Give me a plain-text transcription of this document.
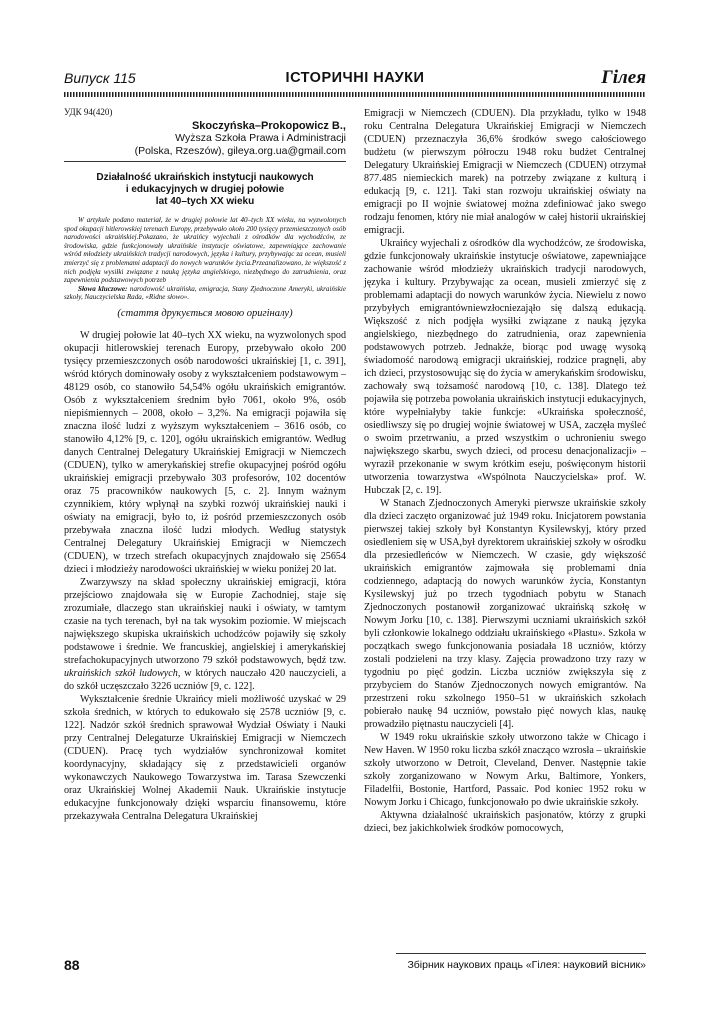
Випуск 115	ІСТОРИЧНІ НАУКИ	Гілея
УДК 94(420)
Skoczyńska–Prokopowicz B.,
Wyższa Szkoła Prawa i Administracji
(Polska, Rzeszów), gileya.org.ua@gmail.com
Działalność ukraińskich instytucji naukowych
i edukacyjnych w drugiej połowie
lat 40–tych XX wieku

W artykule podano materiał, że w drugiej połowie lat 40–tych XX wieku, na wyzwolonych spod okupacji hitlerowskiej terenach Europy, przebywało około 200 tysięcy przemieszczonych osób narodowości ukraińskiej.Pokazano, że ukraińcy wyjechali z ośrodków dla wychodźców, ze środowiska, gdzie funkcjonowały ukraińskie instytucje oświatowe, zapewniające zachowanie wśród młodzieży ukraińskich tradycji narodowych, języka i kultury, przybywając za ocean, musieli zmierzyć się z problemami adaptacji do nowych warunków życia.Przeanalizowano, że większość z nich podjęła wysiłki związane z nauką języka angielskiego, niezbędnego do zatrudnienia, oraz zapewnienia podstawowych potrzeb

Słowa kluczowe: narodowość ukraińska, emigracja, Stany Zjednoczone Ameryki, ukraińskie szkoły, Nauczycielska Rada, «Ridne słowo».

(стаття друкується мовою оригіналу)

W drugiej połowie lat 40–tych XX wieku, na wyzwolonych spod okupacji hitlerowskiej terenach Europy, przebywało około 200 tysięcy przemieszczonych osób narodowości ukraińskiej [1, c. 391], wśród których dominowały osoby z wykształceniem podstawowym – 48129 osób, co stanowiło 54,54% ogółu ukraińskich emigrantów. Osób z wykształceniem średnim było 7061, około 9%, osób niepiśmiennych – 2008, około – 3,2%. Na emigracji pojawiła się znaczna ilość ludzi z wyższym wykształceniem – 3616 osób, co stanowiło 4,12% [9, c. 120], ogółu ukraińskich emigrantów. Według danych Centralnej Delegatury Ukraińskiej Emigracji w Niemczech (CDUEN), tylko w amerykańskiej strefie okupacyjnej pośród ogółu ukraińskiej emigracji przebywało 303 profesorów, 102 docentów oraz 75 pracowników naukowych [5, c. 2]. Innym ważnym czynnikiem, który wpłynął na szybki rozwój ukraińskiej nauki i oświaty na emigracji, było to, iż pośród przemieszczonych osób przebywała znaczna ilość ludzi młodych. Według statystyk Centralnej Delegatury Ukraińskiej Emigracji w Niemczech (CDUEN), w trzech strefach okupacyjnych znajdowało się 25654 dzieci i młodzieży narodowości ukraińskiej w wieku poniżej 20 lat.

Zwarzywszy na skład społeczny ukraińskiej emigracji, która przejściowo znajdowała się w Europie Zachodniej, staje się zrozumiałe, dlaczego stan ukraińskiej nauki i oświaty, w tamtym czasie na tych terenach, był na tak wysokim poziomie. W miejscach największego skupiska ukraińskich uchodźców pojawiły się szkoły podstawowe i średnie. We francuskiej, angielskiej i amerykańskiej strefachokupacyjnych utworzono 79 szkół podstawowych, będź tzw. ukraińskich szkół ludowych, w których nauczało 420 nauczycieli, a do szkół uczęszczało 3226 uczniów [9, c. 122].

Wykształcenie średnie Ukraińcy mieli możliwość uzyskać w 29 szkoła średnich, w których to edukowało się 2578 uczniów [9, c. 122]. Nadzór szkół średnich sprawował Wydział Oświaty i Nauki przy Centralnej Delegaturze Ukraińskiej Emigracji w Niemczech (CDUEN). Pracę tych wydziałów synchronizował komitet koordynacyjny, składający się z przedstawicieli organów wykonawczych Naukowego Towarzystwa im. Tarasa Szewczenki oraz Ukraińskiej Wolnej Akademii Nauk. Ukraińskie instytucje edukacyjne funkcjonowały dzięki wsparciu finansowemu, które przekazywała Centralna Delegatura Ukraińskiej

Emigracji w Niemczech (CDUEN). Dla przykładu, tylko w 1948 roku Centralna Delegatura Ukraińskiej Emigracji w Niemczech (CDUEN) przeznaczyła 36,6% środków swego całościowego budżetu (w pierwszym półroczu 1948 roku budżet Centralnej Delegatury Ukraińskiej Emigracji w Niemczech (CDUEN) otrzymał 877.485 niemieckich marek) na potrzeby związane z kulturą i edukacją [9, c. 121]. Taki stan rozwoju ukraińskiej oświaty na emigracji po II wojnie światowej można zdefiniować jako swego rodzaju fenomen, który nie miał analogów w całej historii ukraińskiej emigracji.

Ukraińcy wyjechali z ośrodków dla wychodźców, ze środowiska, gdzie funkcjonowały ukraińskie instytucje oświatowe, zapewniające zachowanie wśród młodzieży ukraińskich tradycji narodowych, języka i kultury. Przybywając za ocean, musieli zmierzyć się z problemami adaptacji do nowych warunków życia. Niewielu z nowo przybyłych emigrantówniewzłocniezająło się dalszą edukacją. Większość z nich podjęła wysiłki związane z nauką języka angielskiego, niezbędnego do zatrudnienia, oraz zapewnienia podstawowych potrzeb. Jednakże, biorąc pod uwagę wysoką świadomość narodową emigracji ukraińskiej, rodzice pragnęli, aby ich dzieci, przystosowując się do życia w amerykańskim środowisku, zachowały swą tożsamość narodową [10, c. 138]. Dlatego też pojawiła się potrzeba powołania ukraińskich instytucji edukacyjnych, które wypełniałyby takie funkcje: «Ukraińska społeczność, osiedliwszy się po drugiej wojnie światowej w USA, zaczęła myśleć o swoim przetrwaniu, a przed wszystkim o uchronieniu swego największego skarbu, swych dzieci, od procesu denacjonalizacji» – wyraził przekonanie w swym krótkim eseju, poświęconym historii utworzenia towarzystwa «Wspólnota Nauczycielska» prof. W. Hubczak [2, c. 19].

W Stanach Zjednoczonych Ameryki pierwsze ukraińskie szkoły dla dzieci zaczęto organizować już 1949 roku. Inicjatorem powstania pierwszej takiej szkoły był Konstantyn Kysilewskyj, który przed osiedleniem się w USA,był dyrektorem ukraińskiej szkoły w ośrodku dla przesiedleńców w Niemczech. W czasie, gdy większość ukraińskich emigrantów zajmowała się problemami dnia codziennego, adaptacją do nowych warunków życia, Konstantyn Kysilewskyj już po trzech tygodniach pobytu w Stanach Zjednoczonych postanowił zorganizować ukraińską szkołę w Nowym Jorku [10, c. 138]. Pierwszymi uczniami ukraińskich szkół byli członkowie lokalnego oddziału ukraińskiego «Płastu». Szkoła w początkach swego funkcjonowania posiadała 18 uczniów, którzy zostali podzieleni na trzy klasy. Zajęcia prowadzono trzy razy w tygodniu po pięć godzin. Liczba uczniów zwiększyła się z przybyciem do Stanów Zjednoczonych nowych emigrantów. Na przestrzeni roku szkolnego 1950–51 w ukraińskich szkołach pobierało naukę 94 uczniów, powstało pięć nowych klas, naukę prowadziło piętnastu nauczycieli [4].

W 1949 roku ukraińskie szkoły utworzono także w Chicago i New Haven. W 1950 roku liczba szkół znacząco wzrosła – ukraińskie szkoły utworzono w Detroit, Cleveland, Denver. Następnie takie szkoły zorganizowano w Nowym Arku, Baltimore, Yonkers, Filadelfii, Bostonie, Hartford, Passaic. Pod koniec 1952 roku w Nowym Jorku i Chicago, funkcjonowało po dwie ukraińskie szkoły.

Aktywna działalność ukraińskich pasjonatów, którzy z grupki dzieci, bez jakichkolwiek środków pomocowych,

88	Збірник наукових праць «Гілея: науковий вісник»
